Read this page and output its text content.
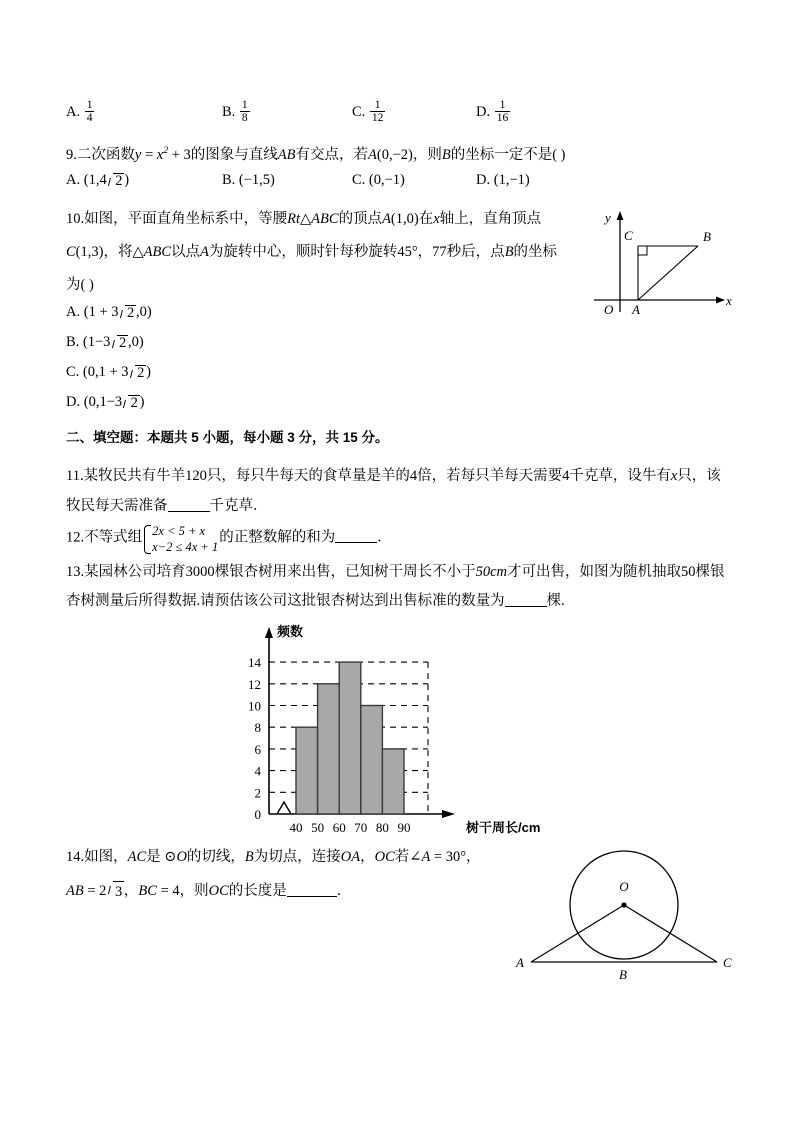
A. $\frac{1}{4}$	B. $\frac{1}{8}$	C. $\frac{1}{12}$	D. $\frac{1}{16}$
9.二次函数$y = x^2 + 3$的图象与直线AB有交点，若A(0,−2)，则B的坐标一定不是( )
A. (1,4 2 )	B. (−1,5)	C. (0,−1)	D. (1,−1)
10.如图，平面直角坐标系中，等腰Rt△ABC的顶点A(1,0)在x轴上，直角顶点
C(1,3)，将△ABC以点A为旋转中心，顺时针每秒旋转45°，77秒后，点B的坐标
为( )
A. (1 + 3 2 ,0)
B. (1−3 2 ,0)
C. (0,1 + 3 2 )
D. (0,1−3 2 )
y
x
O A
C	B
二、填空题：本题共 5 小题，每小题 3 分，共 15 分。
11.某牧民共有牛羊120只，每只牛每天的食草量是羊的4倍，若每只羊每天需要4千克草，设牛有x只，该
牧民每天需准备	千克草．
12.不等式组 2x < 5 + x
x−2 ≤ 4x + 1
的正整数解的和为	．
13.某园林公司培育3000棵银杏树用来出售，已知树干周长不小于50cm才可出售，如图为随机抽取50棵银
杏树测量后所得数据.请预估该公司这批银杏树达到出售标准的数量为	棵.
0
2
4
6
8
10
12
14
40 50 60 70 80 90
频数
树干周长/cm
14.如图，AC是 ⊙O的切线，B为切点，连接OA，OC若∠A = 30°，
AB = 2 3 ，BC = 4，则OC的长度是	．	O
A
B
C
